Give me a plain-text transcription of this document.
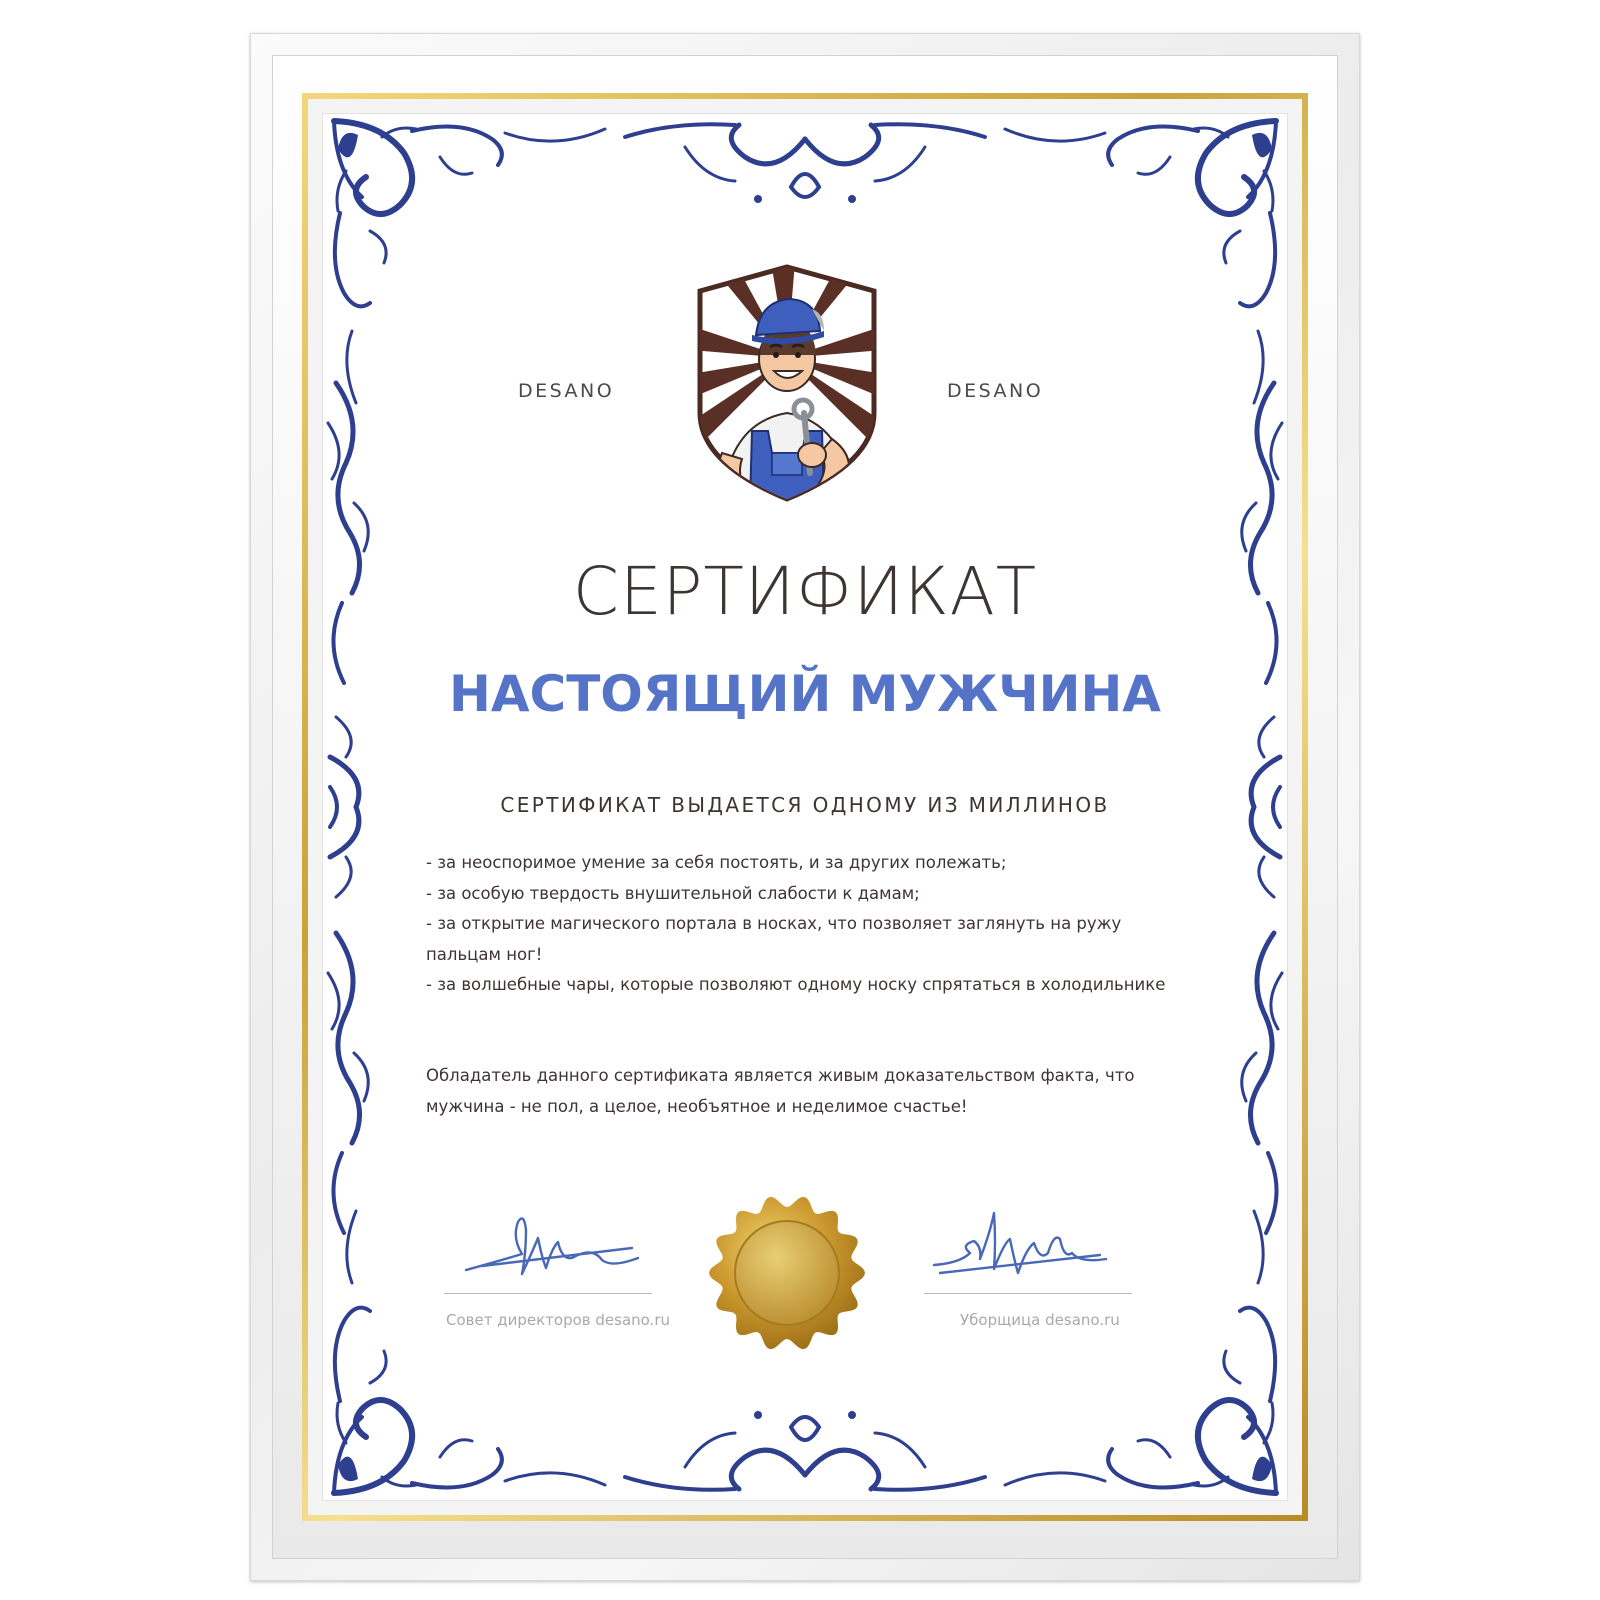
DESANO	DESANO
СЕРТИФИКАТ
НАСТОЯЩИЙ МУЖЧИНА
СЕРТИФИКАТ ВЫДАЕТСЯ ОДНОМУ ИЗ МИЛЛИНОВ
- за неоспоримое умение за себя постоять, и за других полежать;
- за особую твердость внушительной слабости к дамам;
- за открытие магического портала в носках, что позволяет заглянуть на ружу пальцам ног!
- за волшебные чары, которые позволяют одному носку спрятаться в холодильнике
Обладатель данного сертификата является живым доказательством факта, что мужчина - не пол, а целое, необъятное и неделимое счастье!
Совет директоров desano.ru	Уборщица desano.ru
